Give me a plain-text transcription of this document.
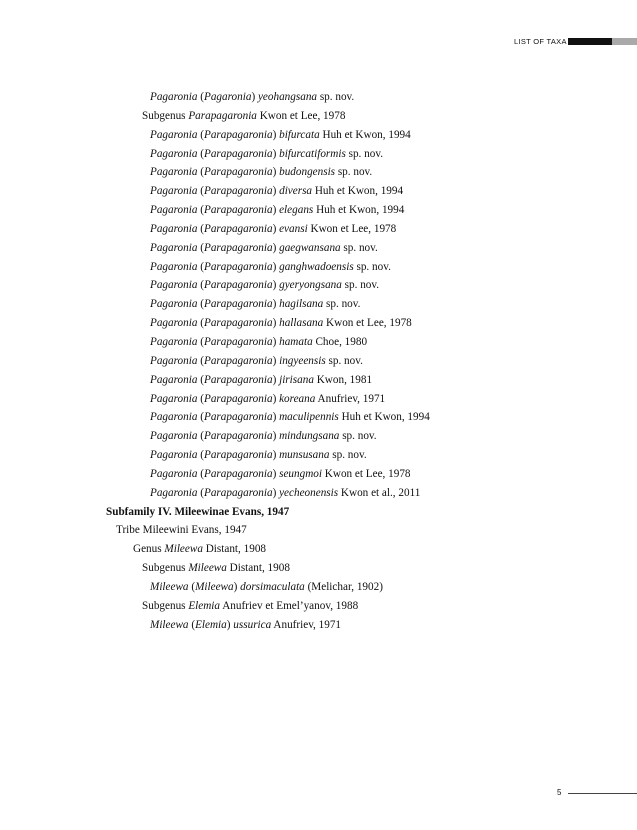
LIST OF TAXA
Pagaronia (Pagaronia) yeohangsana sp. nov.
Subgenus Parapagaronia Kwon et Lee, 1978
Pagaronia (Parapagaronia) bifurcata Huh et Kwon, 1994
Pagaronia (Parapagaronia) bifurcatiformis sp. nov.
Pagaronia (Parapagaronia) budongensis sp. nov.
Pagaronia (Parapagaronia) diversa Huh et Kwon, 1994
Pagaronia (Parapagaronia) elegans Huh et Kwon, 1994
Pagaronia (Parapagaronia) evansi Kwon et Lee, 1978
Pagaronia (Parapagaronia) gaegwansana sp. nov.
Pagaronia (Parapagaronia) ganghwadoensis sp. nov.
Pagaronia (Parapagaronia) gyeryongsana sp. nov.
Pagaronia (Parapagaronia) hagilsana sp. nov.
Pagaronia (Parapagaronia) hallasana Kwon et Lee, 1978
Pagaronia (Parapagaronia) hamata Choe, 1980
Pagaronia (Parapagaronia) ingyeensis sp. nov.
Pagaronia (Parapagaronia) jirisana Kwon, 1981
Pagaronia (Parapagaronia) koreana Anufriev, 1971
Pagaronia (Parapagaronia) maculipennis Huh et Kwon, 1994
Pagaronia (Parapagaronia) mindungsana sp. nov.
Pagaronia (Parapagaronia) munsusana sp. nov.
Pagaronia (Parapagaronia) seungmoi Kwon et Lee, 1978
Pagaronia (Parapagaronia) yecheonensis Kwon et al., 2011
Subfamily IV. Mileewinae Evans, 1947
Tribe Mileewini Evans, 1947
Genus Mileewa Distant, 1908
Subgenus Mileewa Distant, 1908
Mileewa (Mileewa) dorsimaculata (Melichar, 1902)
Subgenus Elemia Anufriev et Emel’yanov, 1988
Mileewa (Elemia) ussurica Anufriev, 1971
5
